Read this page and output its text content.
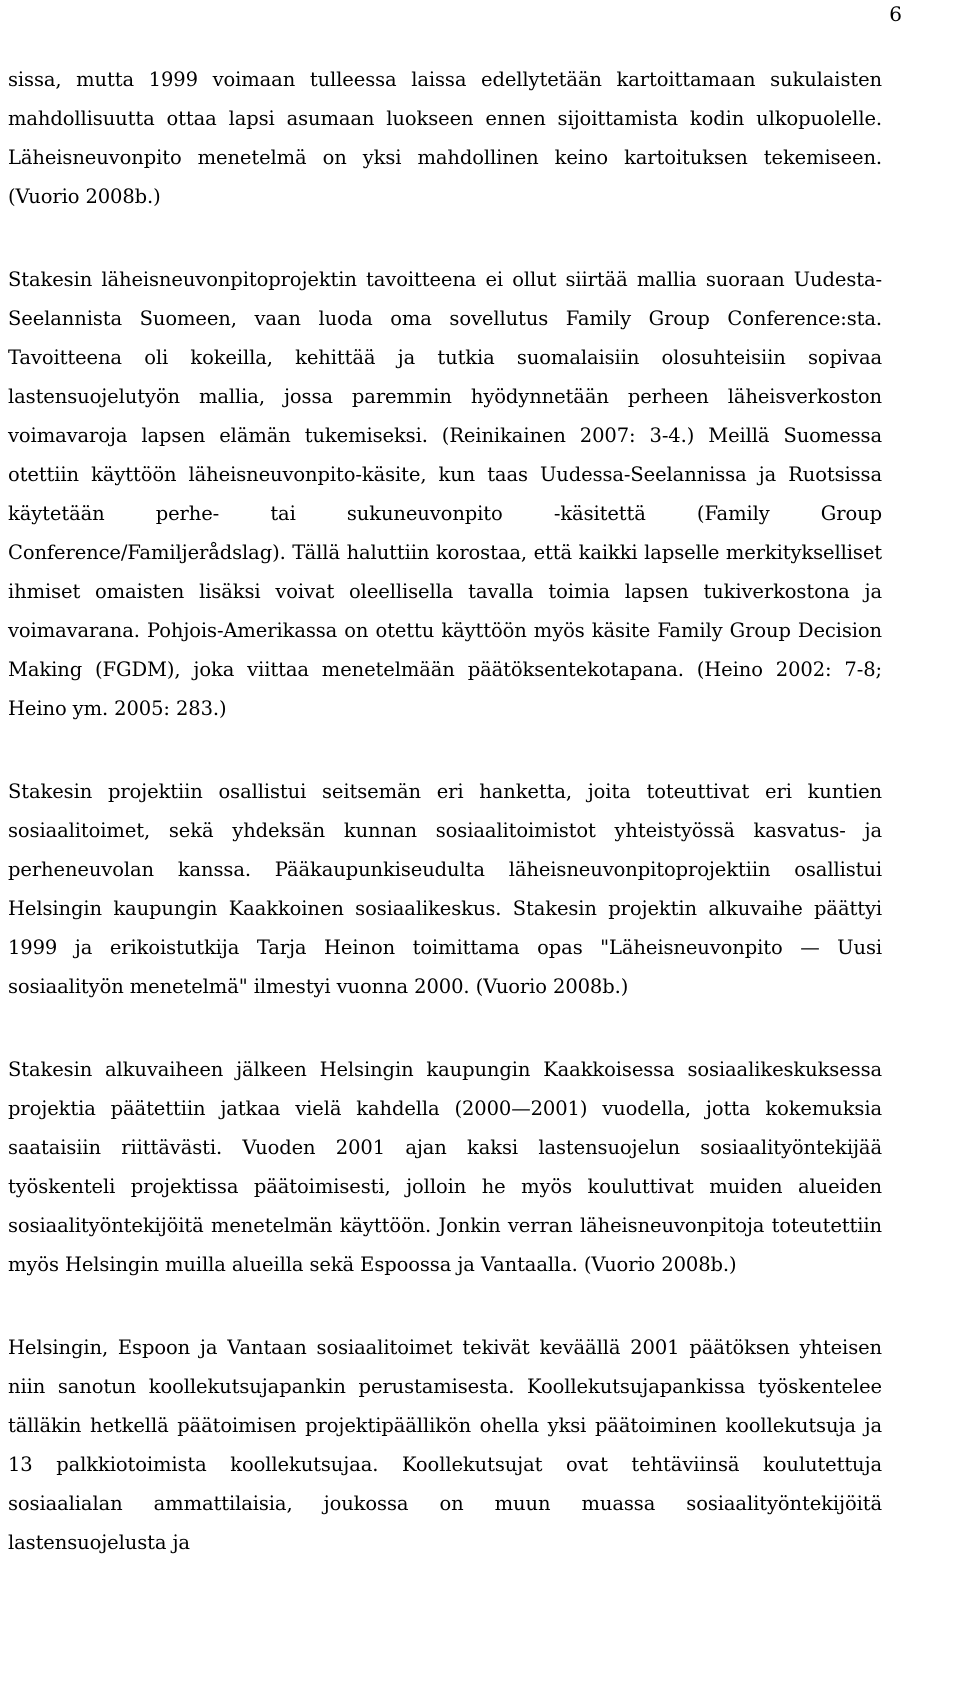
6

sissa, mutta 1999 voimaan tulleessa laissa edellytetään kartoittamaan sukulaisten mahdollisuutta ottaa lapsi asumaan luokseen ennen sijoittamista kodin ulkopuolelle. Läheisneuvonpito menetelmä on yksi mahdollinen keino kartoituksen tekemiseen. (Vuorio 2008b.)

Stakesin läheisneuvonpitoprojektin tavoitteena ei ollut siirtää mallia suoraan Uudesta-Seelannista Suomeen, vaan luoda oma sovellutus Family Group Conference:sta. Tavoitteena oli kokeilla, kehittää ja tutkia suomalaisiin olosuhteisiin sopivaa lastensuojelutyön mallia, jossa paremmin hyödynnetään perheen läheisverkoston voimavaroja lapsen elämän tukemiseksi. (Reinikainen 2007: 3-4.) Meillä Suomessa otettiin käyttöön läheisneuvonpito-käsite, kun taas Uudessa-Seelannissa ja Ruotsissa käytetään perhe- tai sukuneuvonpito -käsitettä (Family Group Conference/Familjerådslag). Tällä haluttiin korostaa, että kaikki lapselle merkitykselliset ihmiset omaisten lisäksi voivat oleellisella tavalla toimia lapsen tukiverkostona ja voimavarana. Pohjois-Amerikassa on otettu käyttöön myös käsite Family Group Decision Making (FGDM), joka viittaa menetelmään päätöksentekotapana. (Heino 2002: 7-8; Heino ym. 2005: 283.)

Stakesin projektiin osallistui seitsemän eri hanketta, joita toteuttivat eri kuntien sosiaalitoimet, sekä yhdeksän kunnan sosiaalitoimistot yhteistyössä kasvatus- ja perheneuvolan kanssa. Pääkaupunkiseudulta läheisneuvonpitoprojektiin osallistui Helsingin kaupungin Kaakkoinen sosiaalikeskus. Stakesin projektin alkuvaihe päättyi 1999 ja erikoistutkija Tarja Heinon toimittama opas "Läheisneuvonpito — Uusi sosiaalityön menetelmä" ilmestyi vuonna 2000. (Vuorio 2008b.)

Stakesin alkuvaiheen jälkeen Helsingin kaupungin Kaakkoisessa sosiaalikeskuksessa projektia päätettiin jatkaa vielä kahdella (2000—2001) vuodella, jotta kokemuksia saataisiin riittävästi. Vuoden 2001 ajan kaksi lastensuojelun sosiaalityöntekijää työskenteli projektissa päätoimisesti, jolloin he myös kouluttivat muiden alueiden sosiaalityöntekijöitä menetelmän käyttöön. Jonkin verran läheisneuvonpitoja toteutettiin myös Helsingin muilla alueilla sekä Espoossa ja Vantaalla. (Vuorio 2008b.)

Helsingin, Espoon ja Vantaan sosiaalitoimet tekivät keväällä 2001 päätöksen yhteisen niin sanotun koollekutsujapankin perustamisesta. Koollekutsujapankissa työskentelee tälläkin hetkellä päätoimisen projektipäällikön ohella yksi päätoiminen koollekutsuja ja 13 palkkiotoimista koollekutsujaa. Koollekutsujat ovat tehtäviinsä koulutettuja sosiaalialan ammattilaisia, joukossa on muun muassa sosiaalityöntekijöitä lastensuojelusta ja
